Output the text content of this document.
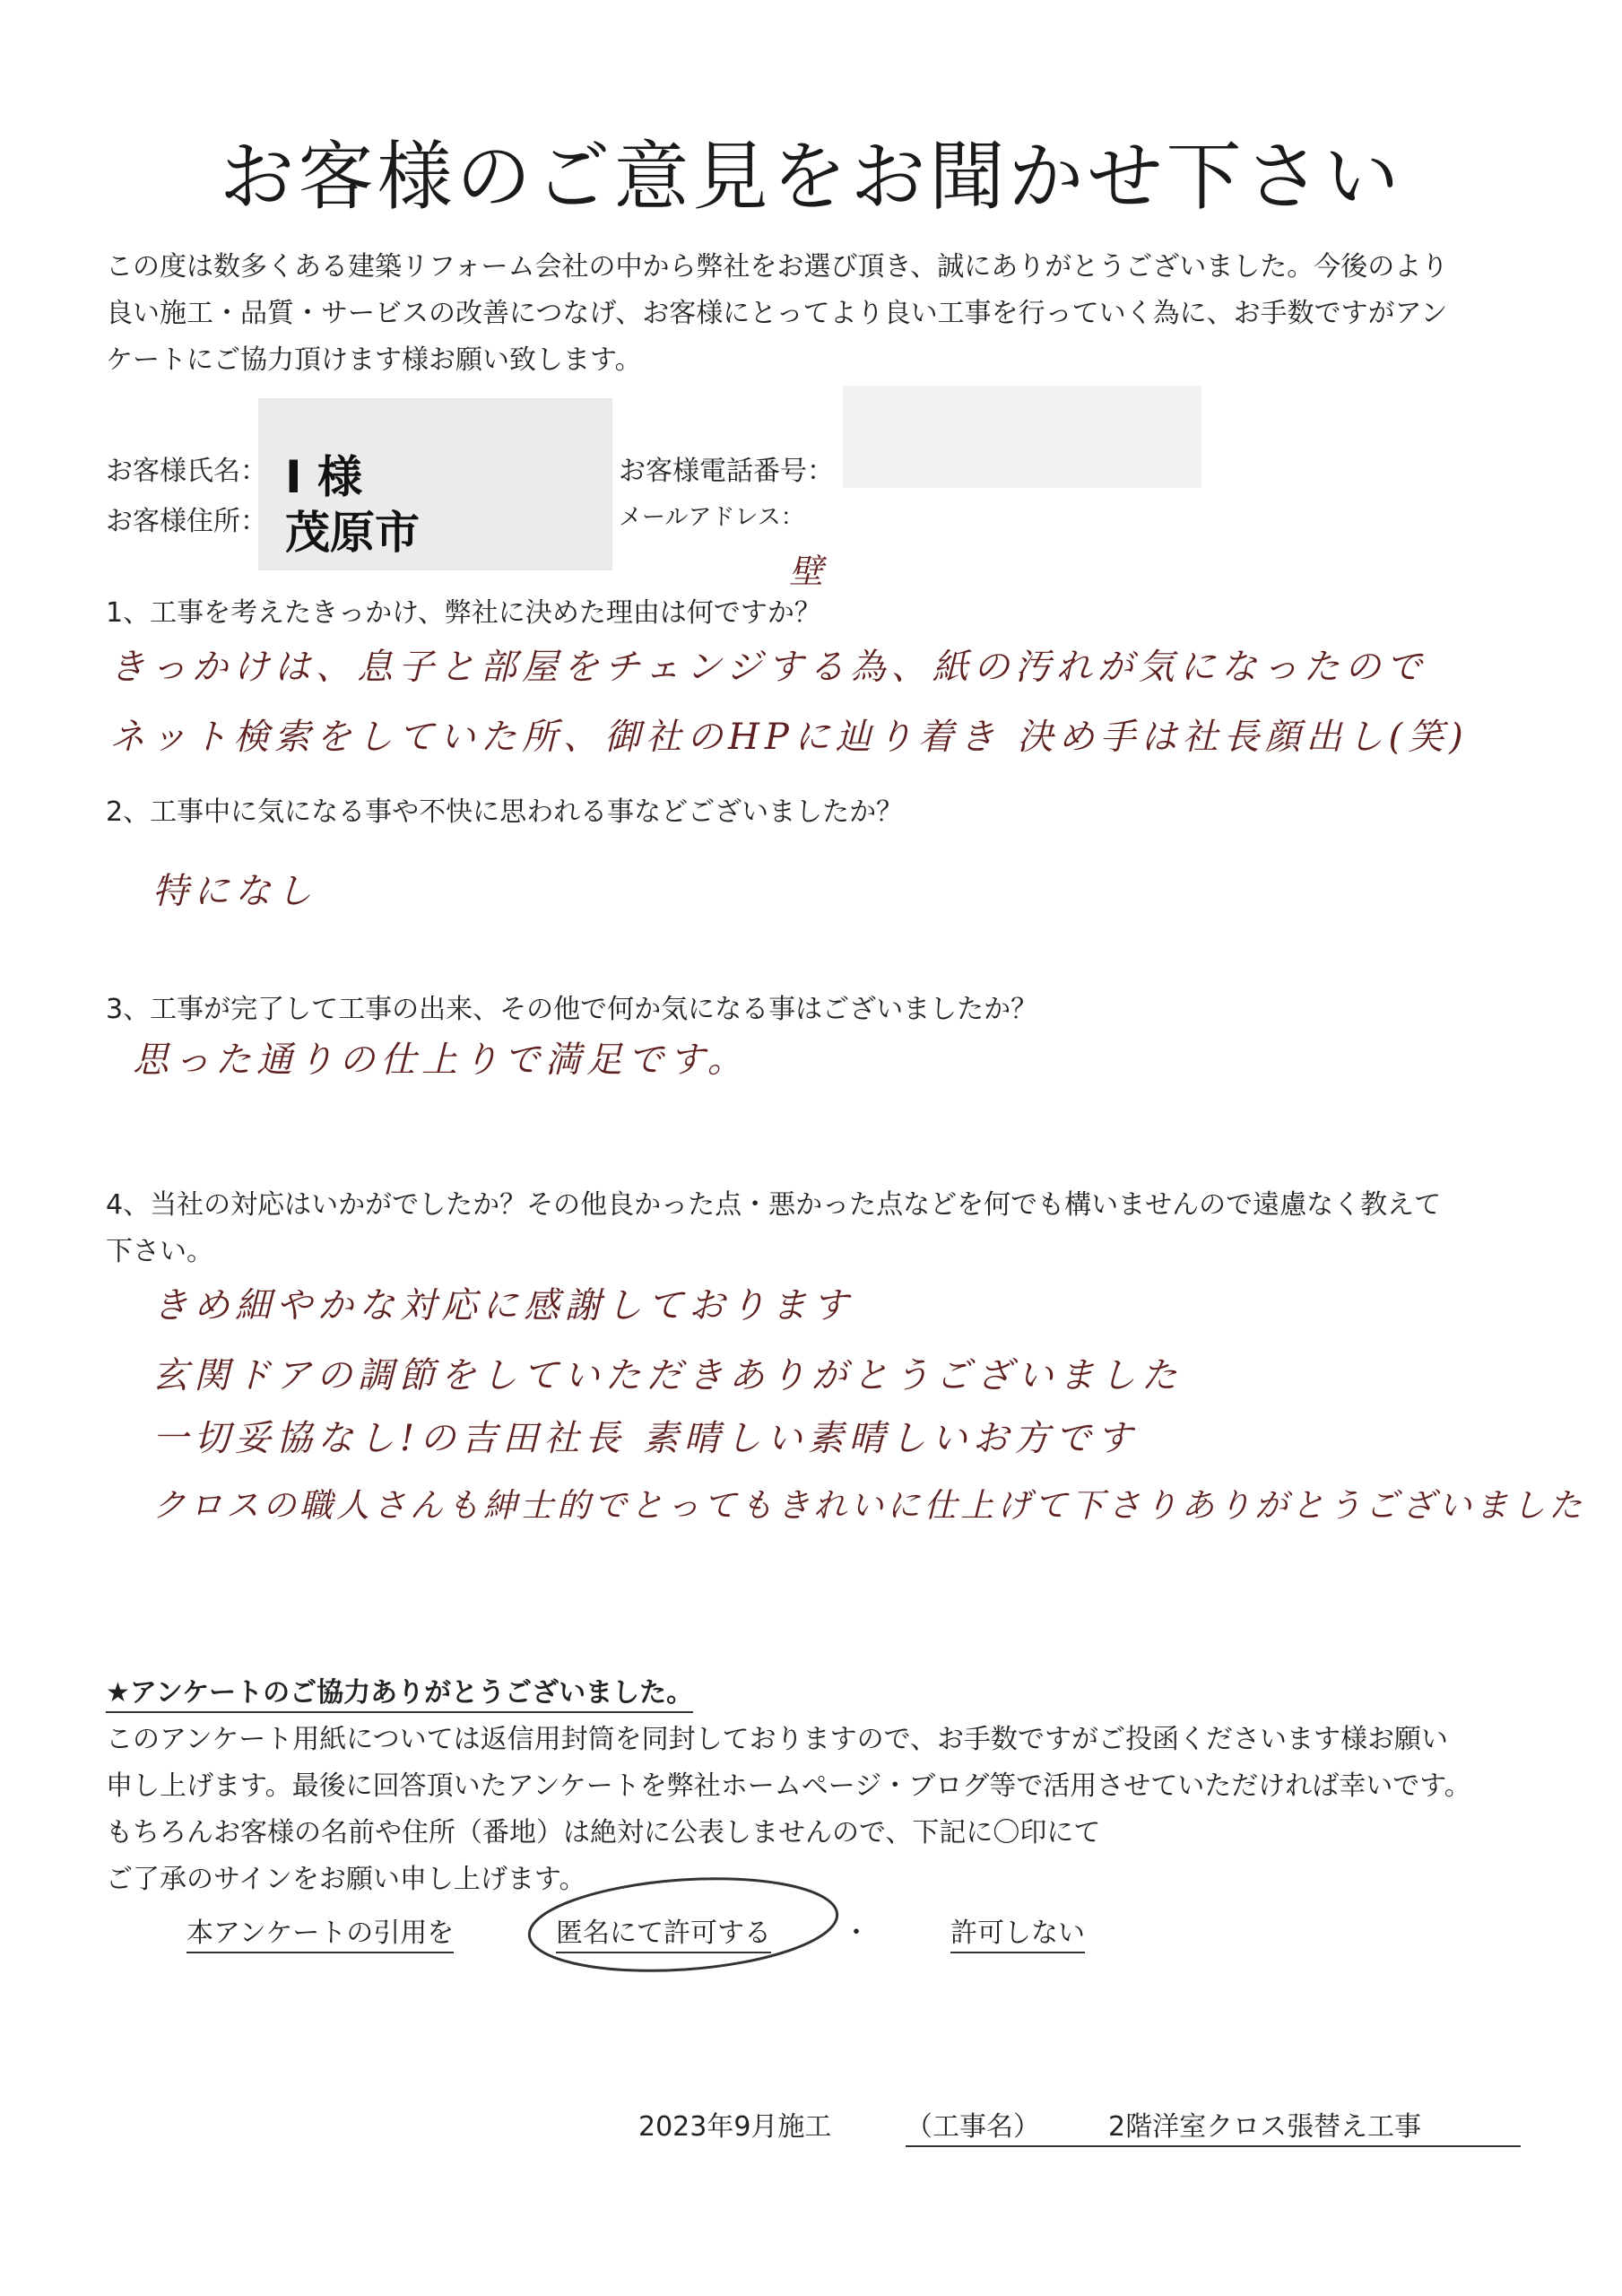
お客様のご意見をお聞かせ下さい
この度は数多くある建築リフォーム会社の中から弊社をお選び頂き、誠にありがとうございました。今後のより
良い施工・品質・サービスの改善につなげ、お客様にとってより良い工事を行っていく為に、お手数ですがアン
ケートにご協力頂けます様お願い致します。
お客様氏名： I 様	お客様電話番号：
お客様住所： 茂原市	メールアドレス：
1、工事を考えたきっかけ、弊社に決めた理由は何ですか？
壁
きっかけは、息子と部屋をチェンジする為、紙の汚れが気になったので
ネット検索をしていた所、御社のHPに辿り着き 決め手は社長顔出し(笑)
2、工事中に気になる事や不快に思われる事などございましたか？
特になし
3、工事が完了して工事の出来、その他で何か気になる事はございましたか？
思った通りの仕上りで満足です。
4、当社の対応はいかがでしたか？その他良かった点・悪かった点などを何でも構いませんので遠慮なく教えて
下さい。
きめ細やかな対応に感謝しております
玄関ドアの調節をしていただきありがとうございました
一切妥協なし!の吉田社長 素晴しい素晴しいお方です
クロスの職人さんも紳士的でとってもきれいに仕上げて下さりありがとうございました
★アンケートのご協力ありがとうございました。
このアンケート用紙については返信用封筒を同封しておりますので、お手数ですがご投函くださいます様お願い
申し上げます。最後に回答頂いたアンケートを弊社ホームページ・ブログ等で活用させていただければ幸いです。
もちろんお客様の名前や住所（番地）は絶対に公表しませんので、下記に〇印にて
ご了承のサインをお願い申し上げます。
本アンケートの引用を	匿名にて許可する	・	許可しない
2023年9月施工	（工事名）	2階洋室クロス張替え工事
